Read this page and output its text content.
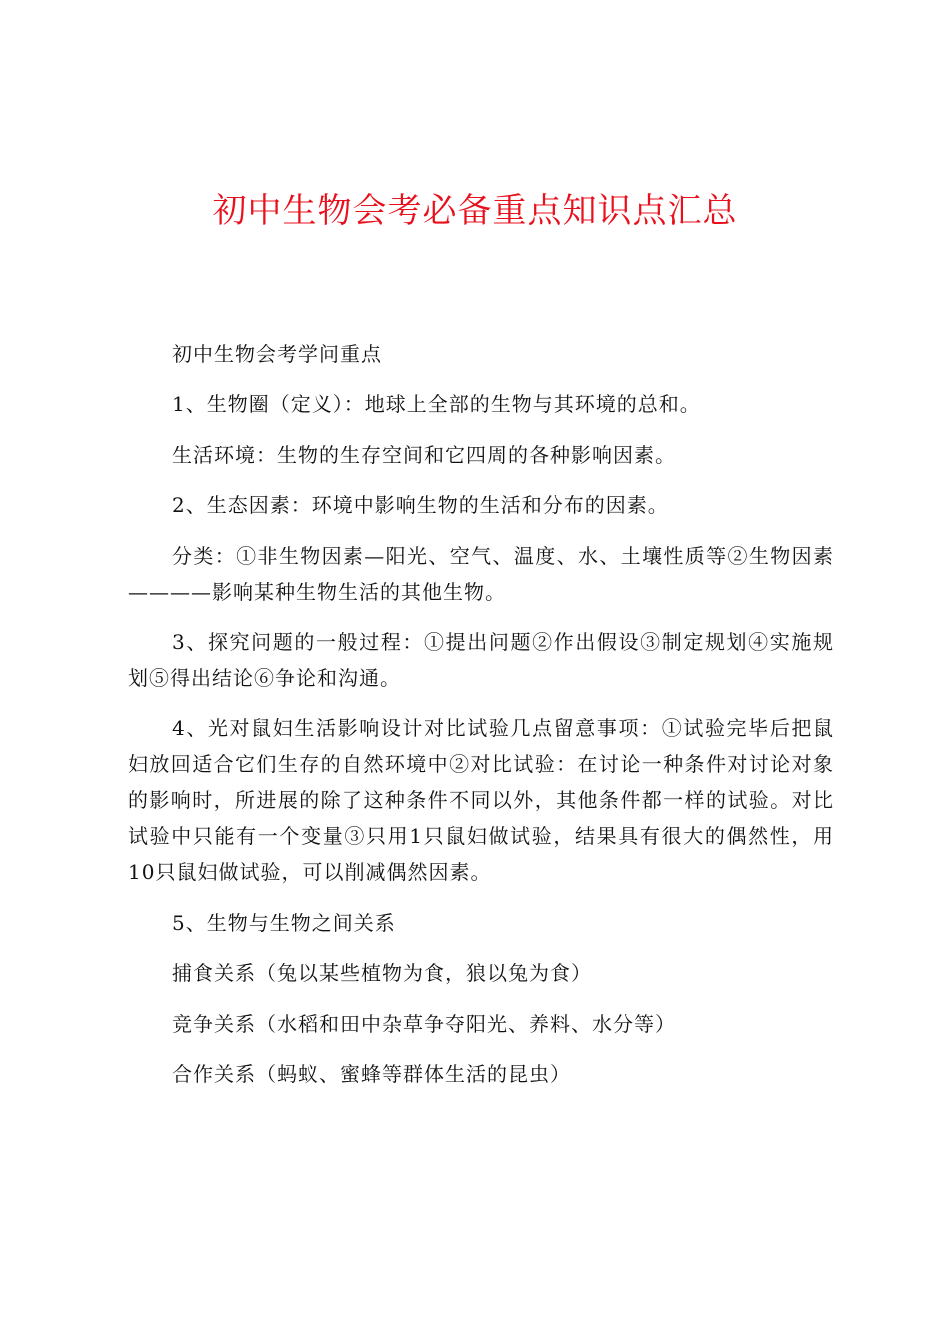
初中生物会考必备重点知识点汇总

初中生物会考学问重点

1、生物圈（定义）：地球上全部的生物与其环境的总和。

生活环境：生物的生存空间和它四周的各种影响因素。

2、生态因素：环境中影响生物的生活和分布的因素。

分类：①非生物因素—阳光、空气、温度、水、土壤性质等②生物因素————影响某种生物生活的其他生物。

3、探究问题的一般过程：①提出问题②作出假设③制定规划④实施规划⑤得出结论⑥争论和沟通。

4、光对鼠妇生活影响设计对比试验几点留意事项：①试验完毕后把鼠妇放回适合它们生存的自然环境中②对比试验：在讨论一种条件对讨论对象的影响时，所进展的除了这种条件不同以外，其他条件都一样的试验。对比试验中只能有一个变量③只用1只鼠妇做试验，结果具有很大的偶然性，用10只鼠妇做试验，可以削减偶然因素。

5、生物与生物之间关系

捕食关系（兔以某些植物为食，狼以兔为食）

竞争关系（水稻和田中杂草争夺阳光、养料、水分等）

合作关系（蚂蚁、蜜蜂等群体生活的昆虫）
